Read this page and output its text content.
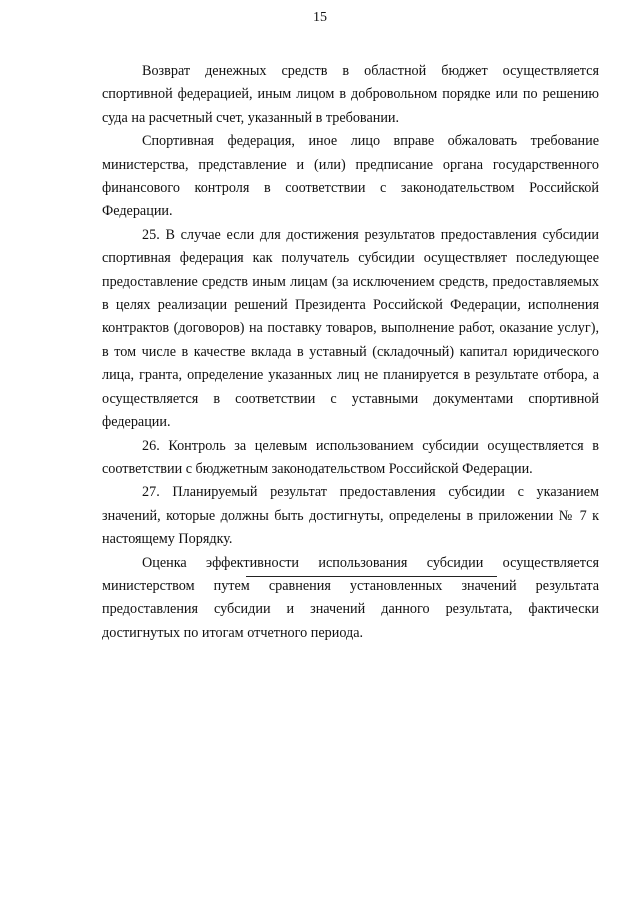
15

Возврат денежных средств в областной бюджет осуществляется спортивной федерацией, иным лицом в добровольном порядке или по решению суда на расчетный счет, указанный в требовании.

Спортивная федерация, иное лицо вправе обжаловать требование министерства, представление и (или) предписание органа государственного финансового контроля в соответствии с законодательством Российской Федерации.

25. В случае если для достижения результатов предоставления субсидии спортивная федерация как получатель субсидии осуществляет последующее предоставление средств иным лицам (за исключением средств, предоставляемых в целях реализации решений Президента Российской Федерации, исполнения контрактов (договоров) на поставку товаров, выполнение работ, оказание услуг), в том числе в качестве вклада в уставный (складочный) капитал юридического лица, гранта, определение указанных лиц не планируется в результате отбора, а осуществляется в соответствии с уставными документами спортивной федерации.

26. Контроль за целевым использованием субсидии осуществляется в соответствии с бюджетным законодательством Российской Федерации.

27. Планируемый результат предоставления субсидии с указанием значений, которые должны быть достигнуты, определены в приложении № 7 к настоящему Порядку.

Оценка эффективности использования субсидии осуществляется министерством путем сравнения установленных значений результата предоставления субсидии и значений данного результата, фактически достигнутых по итогам отчетного периода.
